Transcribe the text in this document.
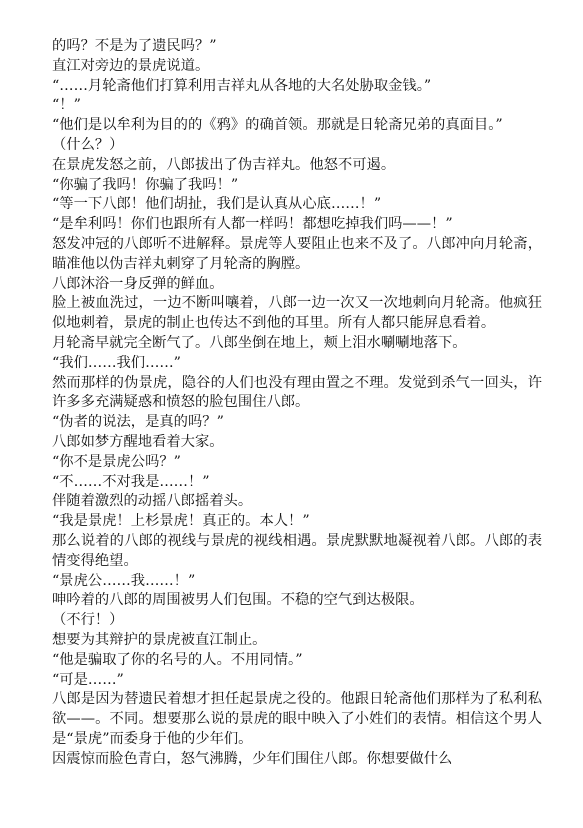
的吗？不是为了遗民吗？”

直江对旁边的景虎说道。

“……月轮斋他们打算利用吉祥丸从各地的大名处胁取金钱。”

“！”

“他们是以牟利为目的的《鸦》的确首领。那就是日轮斋兄弟的真面目。”

（什么？）

在景虎发怒之前，八郎拔出了伪吉祥丸。他怒不可遏。

“你骗了我吗！你骗了我吗！”

“等一下八郎！他们胡扯，我们是认真从心底……！”

“是牟利吗！你们也跟所有人都一样吗！都想吃掉我们吗——！”

怒发冲冠的八郎听不进解释。景虎等人要阻止也来不及了。八郎冲向月轮斋，瞄准他以伪吉祥丸刺穿了月轮斋的胸膛。

八郎沐浴一身反弹的鲜血。

脸上被血洗过，一边不断叫嚷着，八郎一边一次又一次地刺向月轮斋。他疯狂似地刺着，景虎的制止也传达不到他的耳里。所有人都只能屏息看着。

月轮斋早就完全断气了。八郎坐倒在地上，颊上泪水唰唰地落下。

“我们……我们……”

然而那样的伪景虎，隐谷的人们也没有理由置之不理。发觉到杀气一回头，许许多多充满疑惑和愤怒的脸包围住八郎。

“伪者的说法，是真的吗？”

八郎如梦方醒地看着大家。

“你不是景虎公吗？”

“不……不对我是……！”

伴随着激烈的动摇八郎摇着头。

“我是景虎！上杉景虎！真正的。本人！”

那么说着的八郎的视线与景虎的视线相遇。景虎默默地凝视着八郎。八郎的表情变得绝望。

“景虎公……我……！”

呻吟着的八郎的周围被男人们包围。不稳的空气到达极限。

（不行！）

想要为其辩护的景虎被直江制止。

“他是骗取了你的名号的人。不用同情。”

“可是……”

八郎是因为替遗民着想才担任起景虎之役的。他跟日轮斋他们那样为了私利私欲——。不同。想要那么说的景虎的眼中映入了小姓们的表情。相信这个男人是“景虎”而委身于他的少年们。

因震惊而脸色青白，怒气沸腾，少年们围住八郎。你想要做什么
